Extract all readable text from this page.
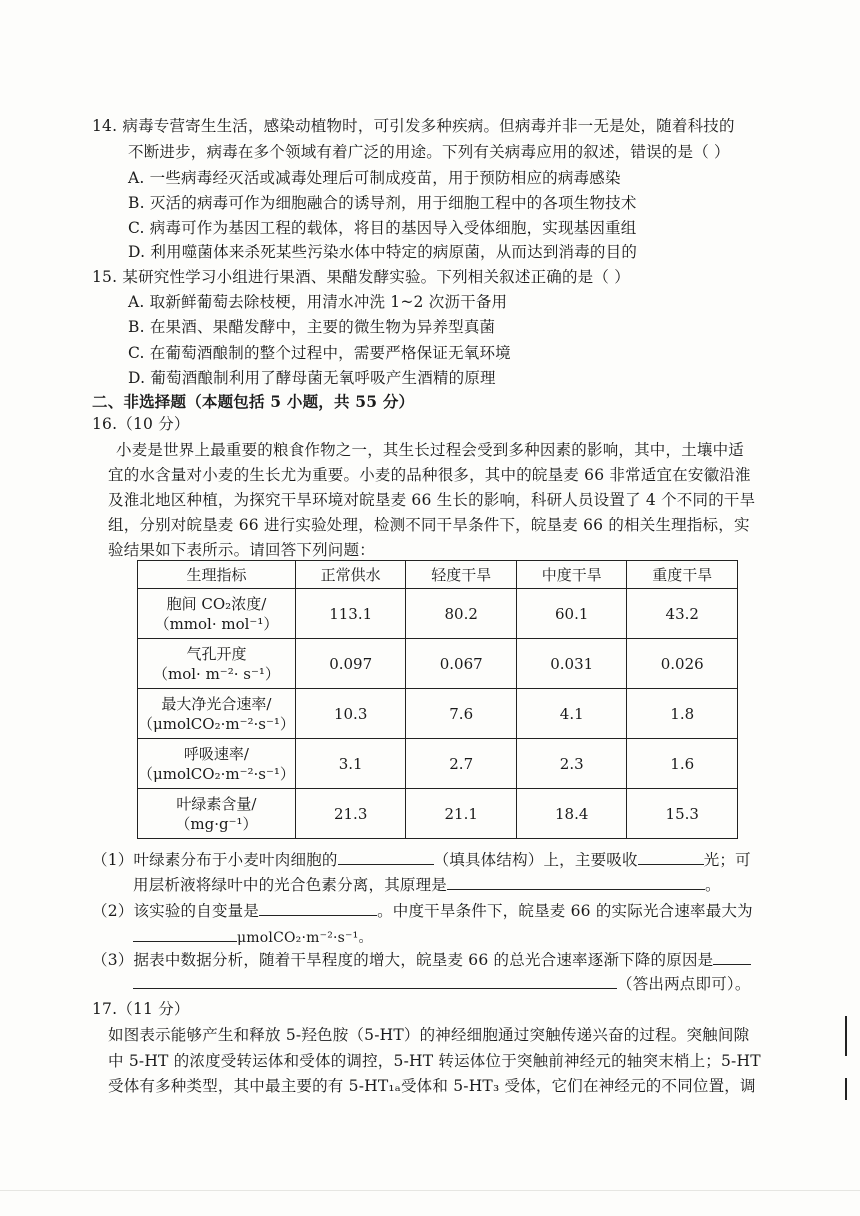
14. 病毒专营寄生生活，感染动植物时，可引发多种疾病。但病毒并非一无是处，随着科技的
不断进步，病毒在多个领域有着广泛的用途。下列有关病毒应用的叙述，错误的是（ ）
A. 一些病毒经灭活或减毒处理后可制成疫苗，用于预防相应的病毒感染
B. 灭活的病毒可作为细胞融合的诱导剂，用于细胞工程中的各项生物技术
C. 病毒可作为基因工程的载体，将目的基因导入受体细胞，实现基因重组
D. 利用噬菌体来杀死某些污染水体中特定的病原菌，从而达到消毒的目的
15. 某研究性学习小组进行果酒、果醋发酵实验。下列相关叙述正确的是（ ）
A. 取新鲜葡萄去除枝梗，用清水冲洗 1~2 次沥干备用
B. 在果酒、果醋发酵中，主要的微生物为异养型真菌
C. 在葡萄酒酿制的整个过程中，需要严格保证无氧环境
D. 葡萄酒酿制利用了酵母菌无氧呼吸产生酒精的原理
二、非选择题（本题包括 5 小题，共 55 分）
16.（10 分）
小麦是世界上最重要的粮食作物之一，其生长过程会受到多种因素的影响，其中，土壤中适
宜的水含量对小麦的生长尤为重要。小麦的品种很多，其中的皖垦麦 66 非常适宜在安徽沿淮
及淮北地区种植，为探究干旱环境对皖垦麦 66 生长的影响，科研人员设置了 4 个不同的干旱
组，分别对皖垦麦 66 进行实验处理，检测不同干旱条件下，皖垦麦 66 的相关生理指标，实
验结果如下表所示。请回答下列问题：
生理指标	正常供水	轻度干旱	中度干旱	重度干旱

胞间 CO₂浓度/
（mmol· mol⁻¹）	113.1	80.2	60.1	43.2

气孔开度
（mol· m⁻²· s⁻¹）	0.097	0.067	0.031	0.026

最大净光合速率/
（μmolCO₂·m⁻²·s⁻¹）	10.3	7.6	4.1	1.8

呼吸速率/
（μmolCO₂·m⁻²·s⁻¹）	3.1	2.7	2.3	1.6

叶绿素含量/
（mg·g⁻¹）	21.3	21.1	18.4	15.3
（1）叶绿素分布于小麦叶肉细胞的	（填具体结构）上，主要吸收	光；可
用层析液将绿叶中的光合色素分离，其原理是	。
（2）该实验的自变量是	。中度干旱条件下，皖垦麦 66 的实际光合速率最大为
μmolCO₂·m⁻²·s⁻¹。
（3）据表中数据分析，随着干旱程度的增大，皖垦麦 66 的总光合速率逐渐下降的原因是
（答出两点即可）。
17.（11 分）
如图表示能够产生和释放 5-羟色胺（5-HT）的神经细胞通过突触传递兴奋的过程。突触间隙
中 5-HT 的浓度受转运体和受体的调控，5-HT 转运体位于突触前神经元的轴突末梢上；5-HT
受体有多种类型，其中最主要的有 5-HT₁ₐ受体和 5-HT₃ 受体，它们在神经元的不同位置，调
